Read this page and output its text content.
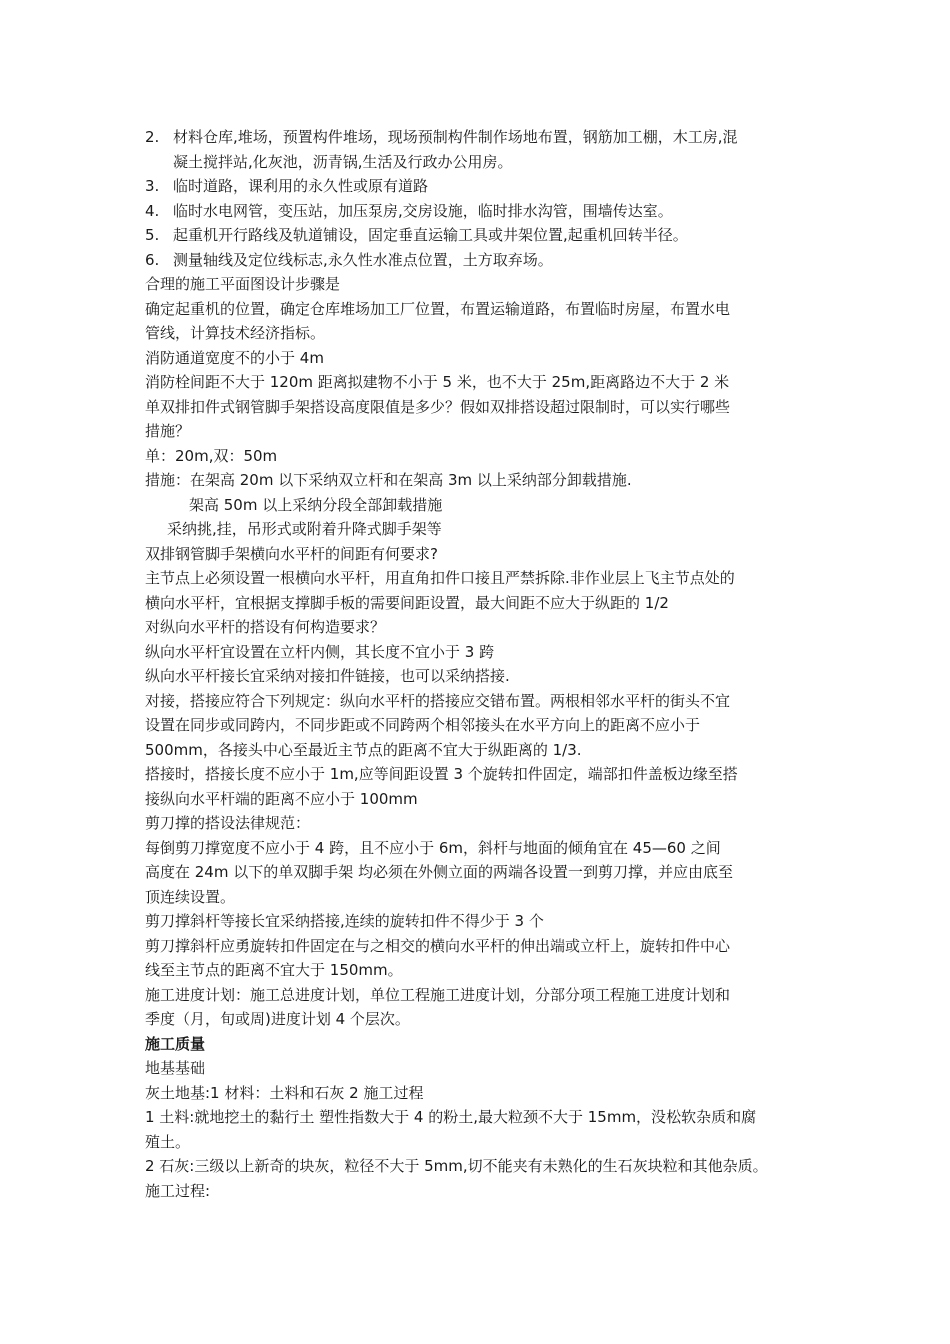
2. 材料仓库,堆场，预置构件堆场，现场预制构件制作场地布置，钢筋加工棚，木工房,混
凝土搅拌站,化灰池，沥青锅,生活及行政办公用房。
3. 临时道路，课利用的永久性或原有道路
4. 临时水电网管，变压站，加压泵房,交房设施，临时排水沟管，围墙传达室。
5. 起重机开行路线及轨道铺设，固定垂直运输工具或井架位置,起重机回转半径。
6. 测量轴线及定位线标志,永久性水准点位置，土方取弃场。
合理的施工平面图设计步骤是
确定起重机的位置，确定仓库堆场加工厂位置，布置运输道路，布置临时房屋，布置水电
管线，计算技术经济指标。
消防通道宽度不的小于 4m
消防栓间距不大于 120m 距离拟建物不小于 5 米，也不大于 25m,距离路边不大于 2 米
单双排扣件式钢管脚手架搭设高度限值是多少？假如双排搭设超过限制时，可以实行哪些
措施？
单：20m,双：50m
措施：在架高 20m 以下采纳双立杆和在架高 3m 以上采纳部分卸载措施.
架高 50m 以上采纳分段全部卸载措施
采纳挑,挂，吊形式或附着升降式脚手架等
双排钢管脚手架横向水平杆的间距有何要求?
主节点上必须设置一根横向水平杆，用直角扣件口接且严禁拆除.非作业层上飞主节点处的
横向水平杆，宜根据支撑脚手板的需要间距设置，最大间距不应大于纵距的 1/2
对纵向水平杆的搭设有何构造要求？
纵向水平杆宜设置在立杆内侧，其长度不宜小于 3 跨
纵向水平杆接长宜采纳对接扣件链接，也可以采纳搭接.
对接，搭接应符合下列规定：纵向水平杆的搭接应交错布置。两根相邻水平杆的街头不宜
设置在同步或同跨内，不同步距或不同跨两个相邻接头在水平方向上的距离不应小于
500mm，各接头中心至最近主节点的距离不宜大于纵距离的 1/3.
搭接时，搭接长度不应小于 1m,应等间距设置 3 个旋转扣件固定，端部扣件盖板边缘至搭
接纵向水平杆端的距离不应小于 100mm
剪刀撑的搭设法律规范：
每倒剪刀撑宽度不应小于 4 跨，且不应小于 6m，斜杆与地面的倾角宜在 45—60 之间
高度在 24m 以下的单双脚手架 均必须在外侧立面的两端各设置一到剪刀撑，并应由底至
顶连续设置。
剪刀撑斜杆等接长宜采纳搭接,连续的旋转扣件不得少于 3 个
剪刀撑斜杆应勇旋转扣件固定在与之相交的横向水平杆的伸出端或立杆上，旋转扣件中心
线至主节点的距离不宜大于 150mm。
施工进度计划：施工总进度计划，单位工程施工进度计划，分部分项工程施工进度计划和
季度（月，旬或周)进度计划 4 个层次。
施工质量
地基基础
灰土地基:1 材料：土料和石灰 2 施工过程
1 土料:就地挖土的黏行土 塑性指数大于 4 的粉土,最大粒颈不大于 15mm，没松软杂质和腐
殖土。
2 石灰:三级以上新奇的块灰，粒径不大于 5mm,切不能夹有未熟化的生石灰块粒和其他杂质。
施工过程:
